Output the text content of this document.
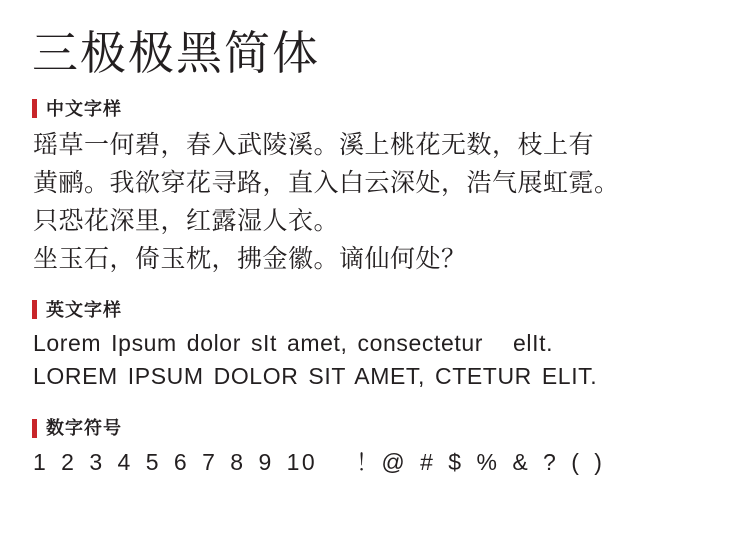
三极极黑简体
中文字样
瑶草一何碧，春入武陵溪。溪上桃花无数，枝上有
黄鹂。我欲穿花寻路，直入白云深处，浩气展虹霓。
只恐花深里，红露湿人衣。
坐玉石，倚玉枕，拂金徽。谪仙何处？
英文字样
Lorem Ipsum dolor sIt amet, consectetur   elIt.
LOREM IPSUM DOLOR SIT AMET, CTETUR ELIT.
数字符号
1 2 3 4 5 6 7 8 9 10   ！@ # $ % & ? ( )
